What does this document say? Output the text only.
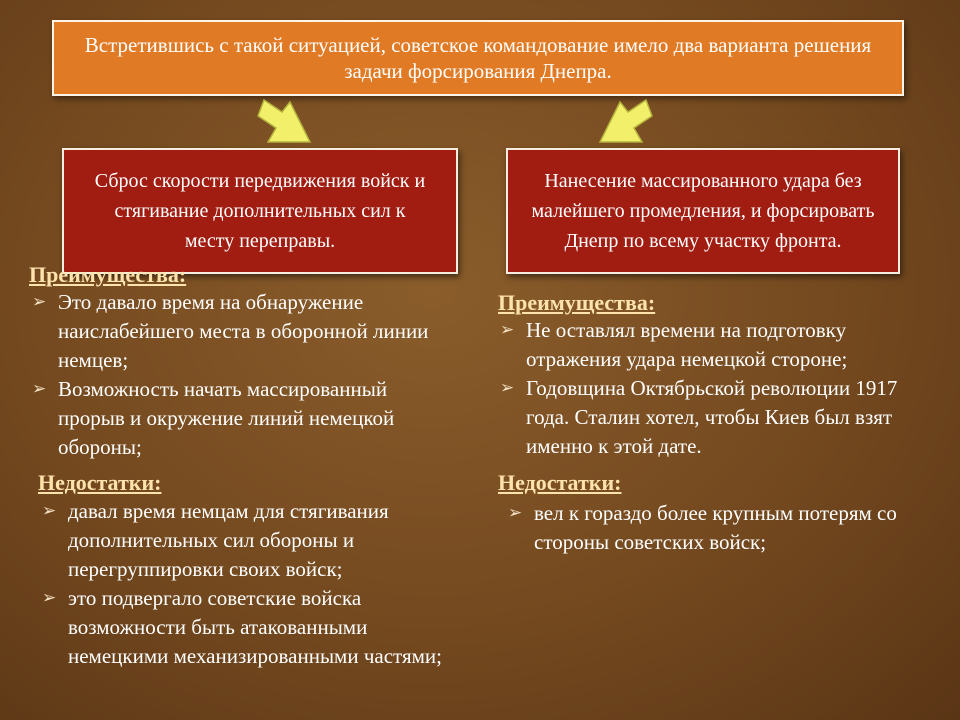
Встретившись с такой ситуацией, советское командование имело два варианта решения задачи форсирования Днепра.
Сброс скорости передвижения войск и стягивание дополнительных сил к месту переправы.
Нанесение массированного удара без малейшего промедления, и форсировать Днепр по всему участку фронта.
Преимущества:
➢ Это давало время на обнаружение наислабейшего места в оборонной линии немцев;
➢ Возможность начать массированный прорыв и окружение линий немецкой обороны;
Недостатки:
➢ давал время немцам для стягивания дополнительных сил обороны и перегруппировки своих войск;
➢ это подвергало советские войска возможности быть атакованными немецкими механизированными частями;
Преимущества:
➢ Не оставлял времени на подготовку отражения удара немецкой стороне;
➢ Годовщина Октябрьской революции 1917 года. Сталин хотел, чтобы Киев был взят именно к этой дате.
Недостатки:
➢ вел к гораздо более крупным потерям со стороны советских войск;
